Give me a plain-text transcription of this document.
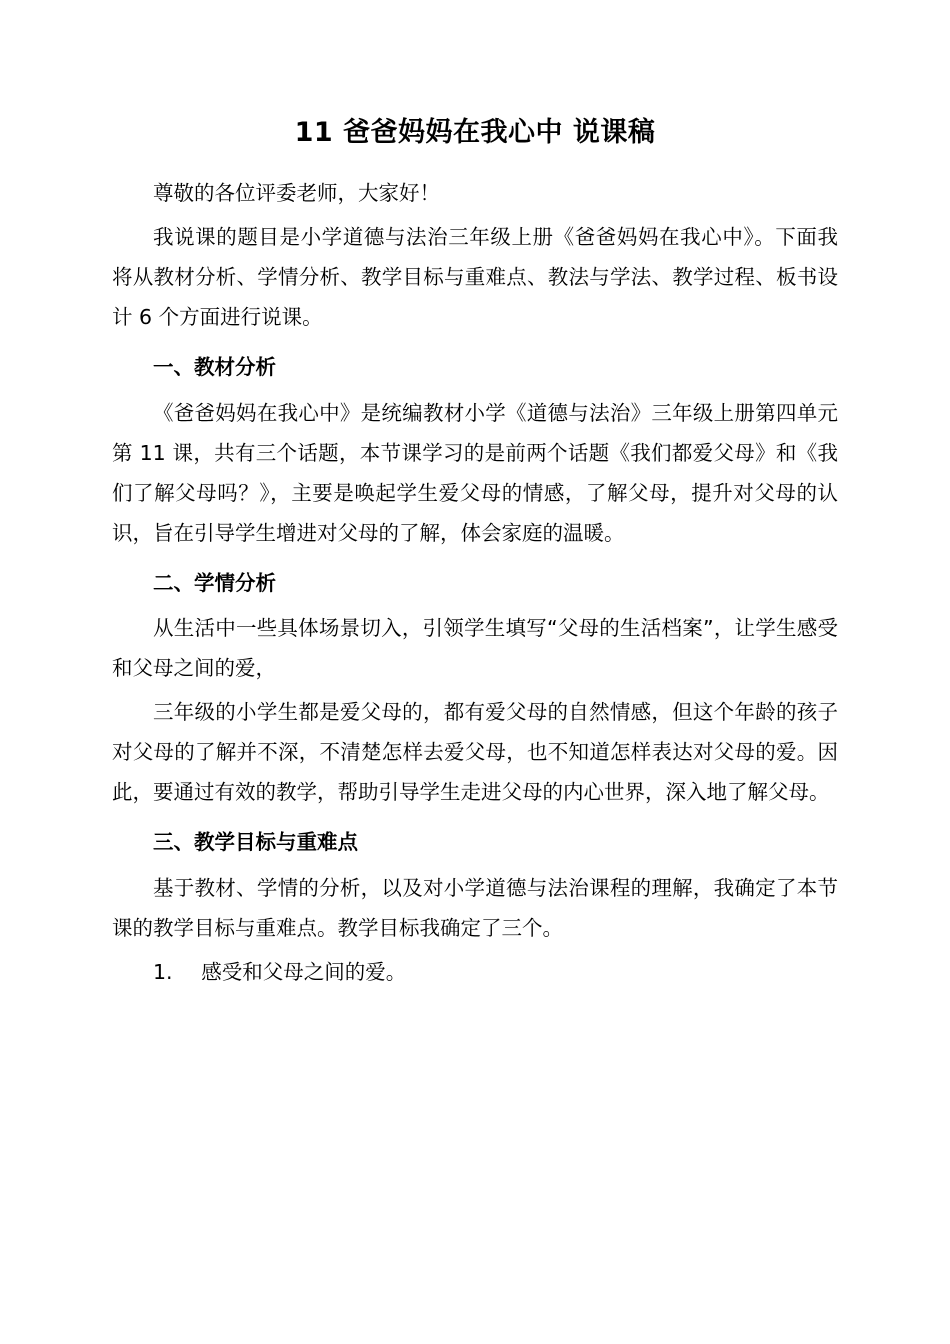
11 爸爸妈妈在我心中 说课稿

尊敬的各位评委老师，大家好！

我说课的题目是小学道德与法治三年级上册《爸爸妈妈在我心中》。下面我将从教材分析、学情分析、教学目标与重难点、教法与学法、教学过程、板书设计 6 个方面进行说课。

一、教材分析

《爸爸妈妈在我心中》是统编教材小学《道德与法治》三年级上册第四单元第 11 课，共有三个话题，本节课学习的是前两个话题《我们都爱父母》和《我们了解父母吗？》，主要是唤起学生爱父母的情感，了解父母，提升对父母的认识，旨在引导学生增进对父母的了解，体会家庭的温暖。

二、学情分析

从生活中一些具体场景切入，引领学生填写“父母的生活档案”，让学生感受和父母之间的爱，

三年级的小学生都是爱父母的，都有爱父母的自然情感，但这个年龄的孩子对父母的了解并不深，不清楚怎样去爱父母，也不知道怎样表达对父母的爱。因此，要通过有效的教学，帮助引导学生走进父母的内心世界，深入地了解父母。

三、教学目标与重难点

基于教材、学情的分析，以及对小学道德与法治课程的理解，我确定了本节课的教学目标与重难点。教学目标我确定了三个。

1. 感受和父母之间的爱。
